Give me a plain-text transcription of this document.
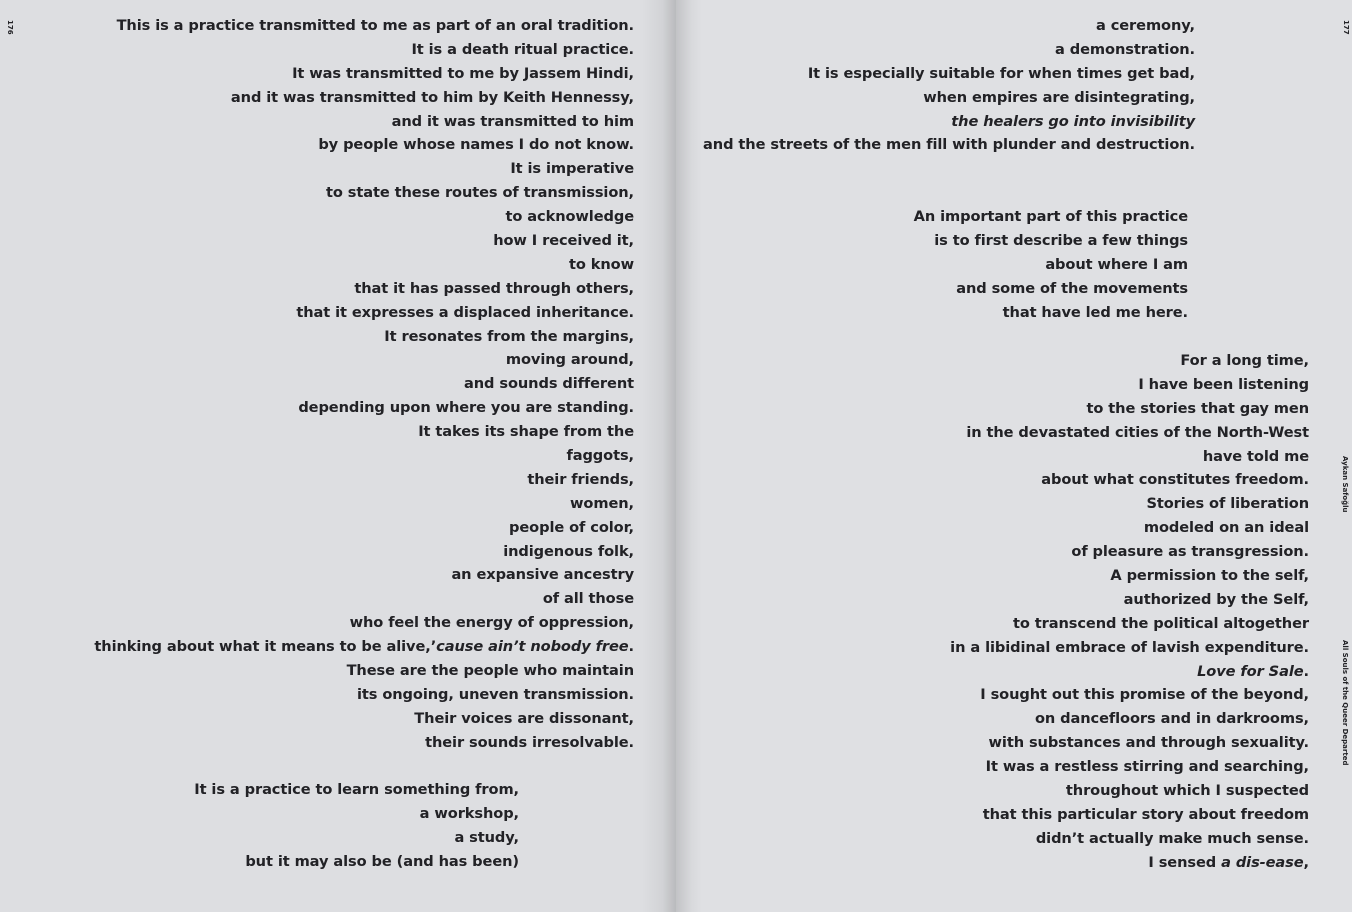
176	This is a practice transmitted to me as part of an oral tradition.
It is a death ritual practice.
It was transmitted to me by Jassem Hindi,
and it was transmitted to him by Keith Hennessy,
and it was transmitted to him
by people whose names I do not know.
It is imperative
to state these routes of transmission,
to acknowledge
how I received it,
to know
that it has passed through others,
that it expresses a displaced inheritance.
It resonates from the margins,
moving around,
and sounds different
depending upon where you are standing.
It takes its shape from the
faggots,
their friends,
women,
people of color,
indigenous folk,
an expansive ancestry
of all those
who feel the energy of oppression,
thinking about what it means to be alive,’cause ain’t nobody free.
These are the people who maintain
its ongoing, uneven transmission.
Their voices are dissonant,
their sounds irresolvable.
It is a practice to learn something from,
a workshop,
a study,
but it may also be (and has been)
a ceremony,
a demonstration.
It is especially suitable for when times get bad,
when empires are disintegrating,
the healers go into invisibility
and the streets of the men fill with plunder and destruction.
An important part of this practice
is to first describe a few things
about where I am
and some of the movements
that have led me here.
For a long time,
I have been listening
to the stories that gay men
in the devastated cities of the North-West
have told me
about what constitutes freedom.
Stories of liberation
modeled on an ideal
of pleasure as transgression.
A permission to the self,
authorized by the Self,
to transcend the political altogether
in a libidinal embrace of lavish expenditure.
Love for Sale.
I sought out this promise of the beyond,
on dancefloors and in darkrooms,
with substances and through sexuality.
It was a restless stirring and searching,
throughout which I suspected
that this particular story about freedom
didn’t actually make much sense.
I sensed a dis-ease,
177
Aykan Safoğlu
All Souls of the Queer Departed
